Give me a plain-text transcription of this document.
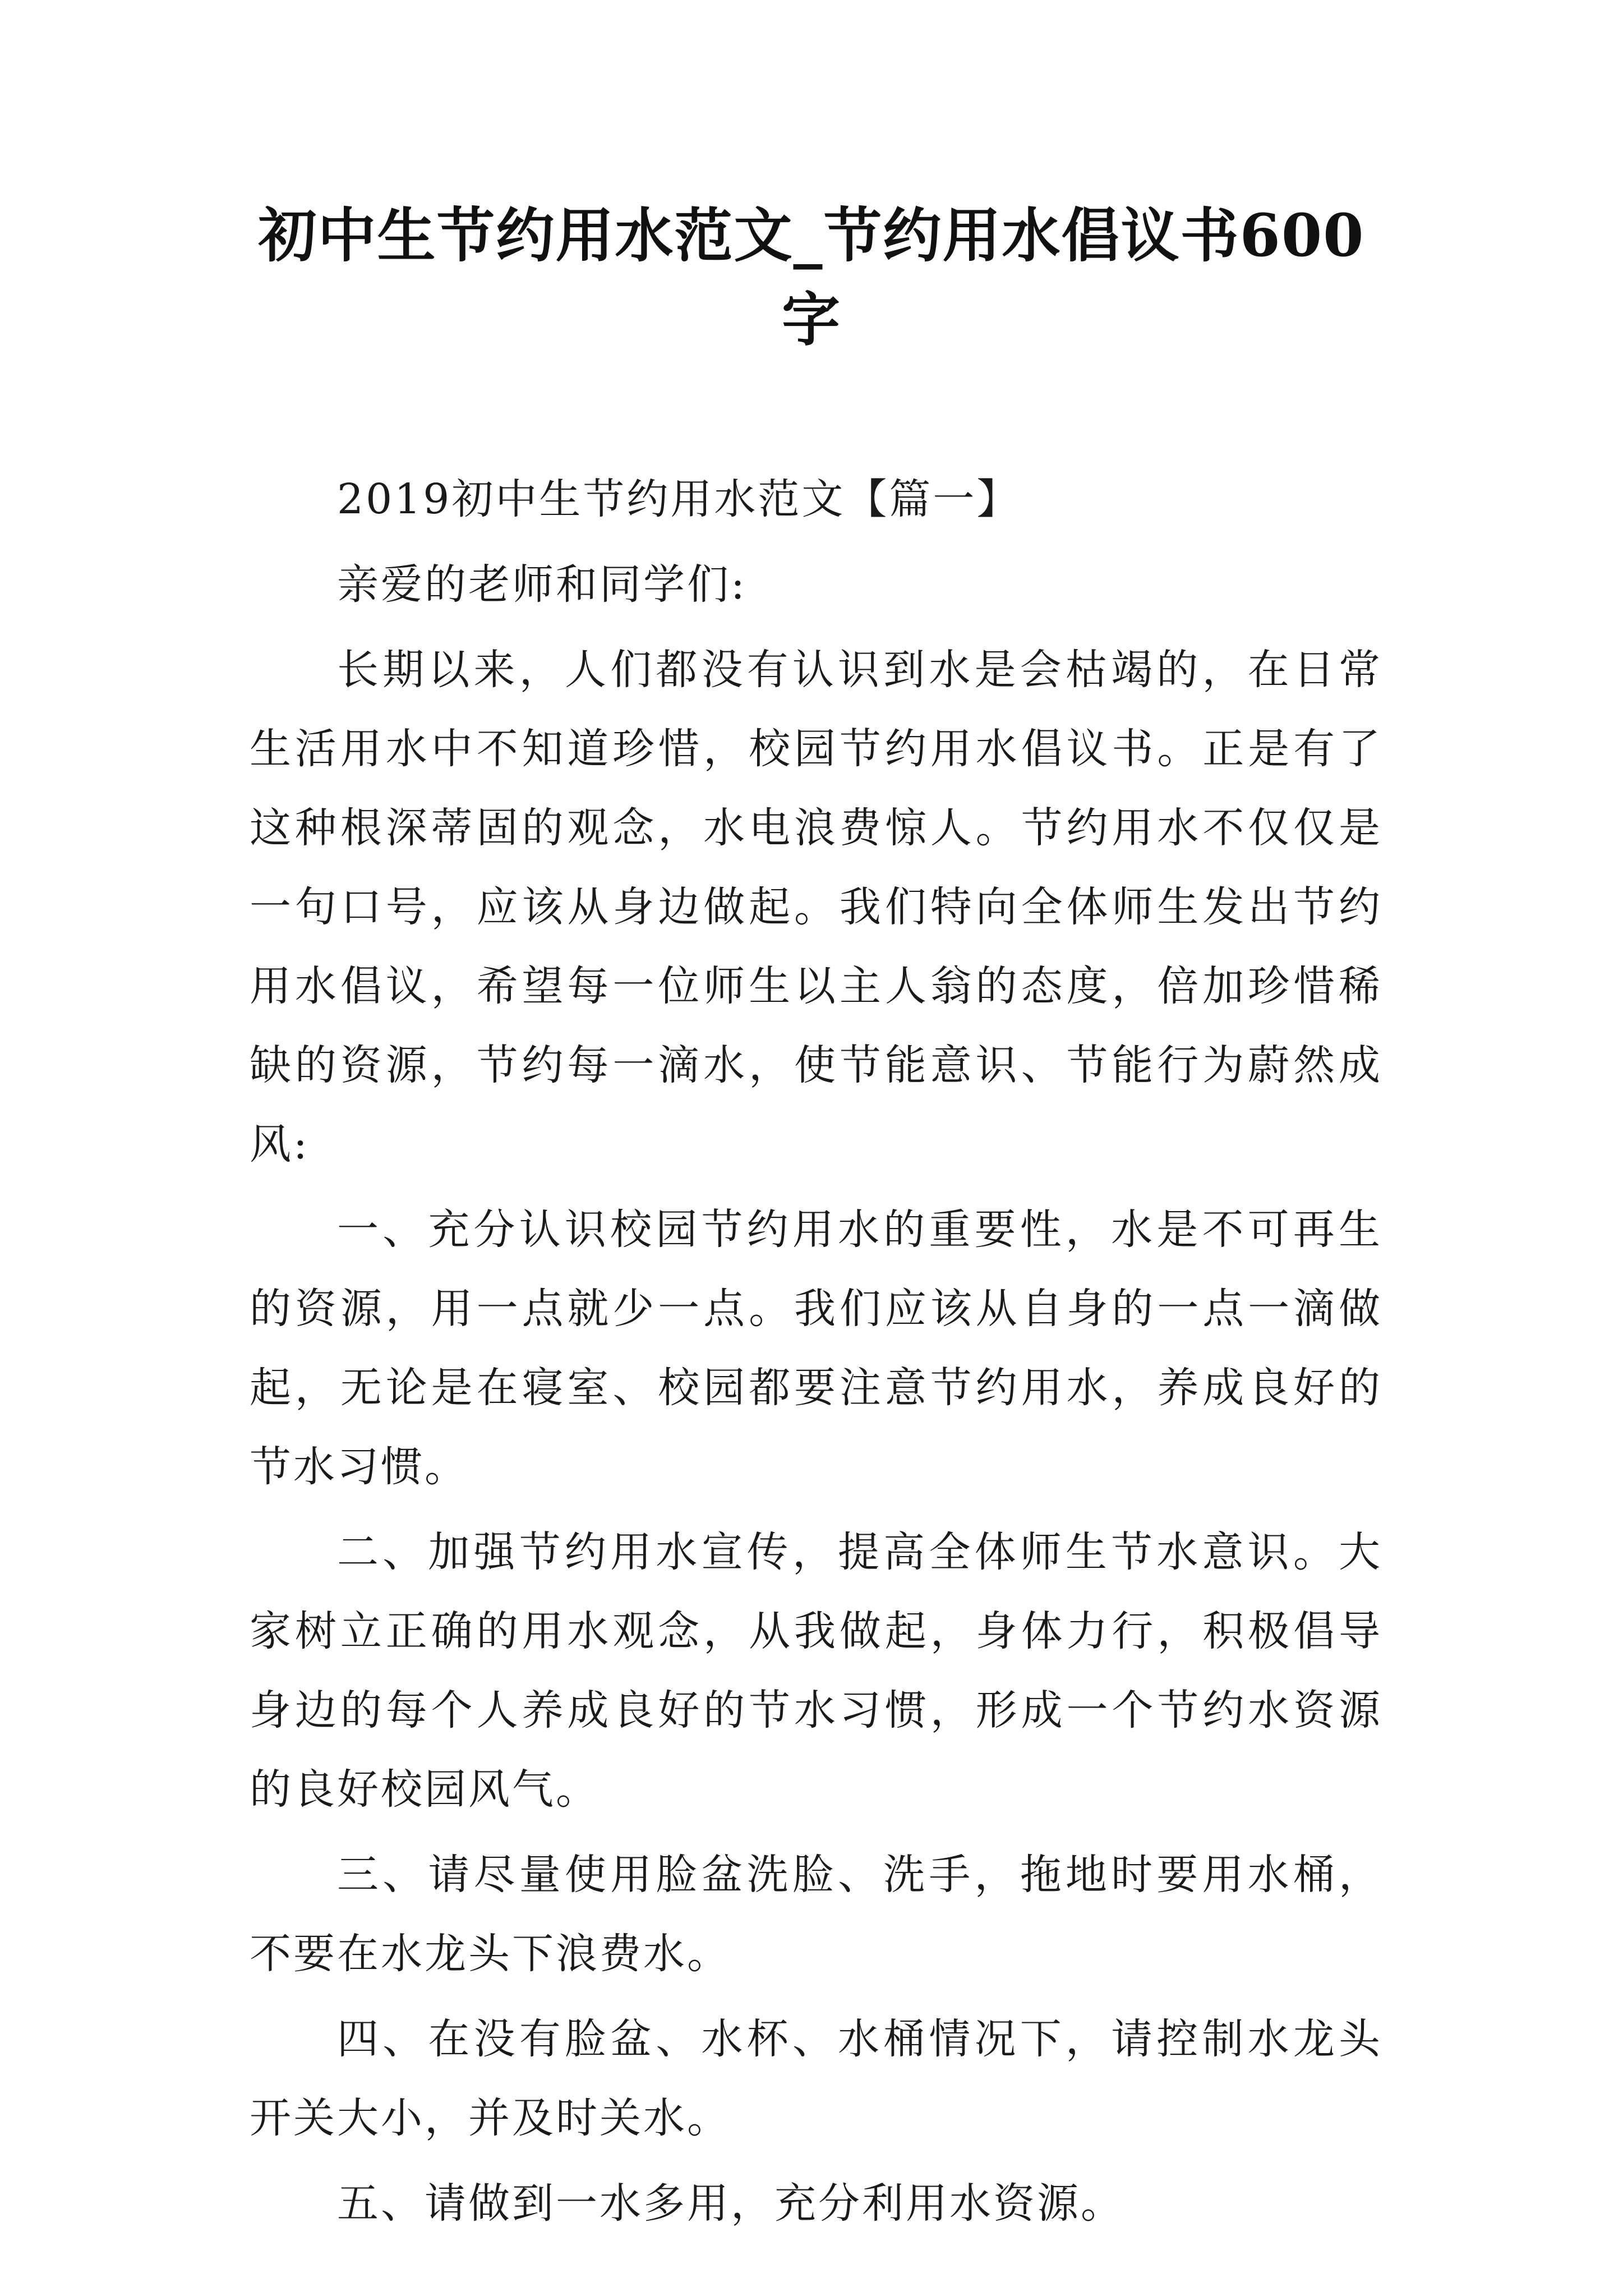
初中生节约用水范文_节约用水倡议书600字

2019初中生节约用水范文【篇一】

亲爱的老师和同学们:

长期以来，人们都没有认识到水是会枯竭的，在日常生活用水中不知道珍惜，校园节约用水倡议书。正是有了这种根深蒂固的观念，水电浪费惊人。节约用水不仅仅是一句口号，应该从身边做起。我们特向全体师生发出节约用水倡议，希望每一位师生以主人翁的态度，倍加珍惜稀缺的资源，节约每一滴水，使节能意识、节能行为蔚然成风:

一、充分认识校园节约用水的重要性，水是不可再生的资源，用一点就少一点。我们应该从自身的一点一滴做起，无论是在寝室、校园都要注意节约用水，养成良好的节水习惯。

二、加强节约用水宣传，提高全体师生节水意识。大家树立正确的用水观念，从我做起，身体力行，积极倡导身边的每个人养成良好的节水习惯，形成一个节约水资源的良好校园风气。

三、请尽量使用脸盆洗脸、洗手，拖地时要用水桶，不要在水龙头下浪费水。

四、在没有脸盆、水杯、水桶情况下，请控制水龙头开关大小，并及时关水。

五、请做到一水多用，充分利用水资源。
